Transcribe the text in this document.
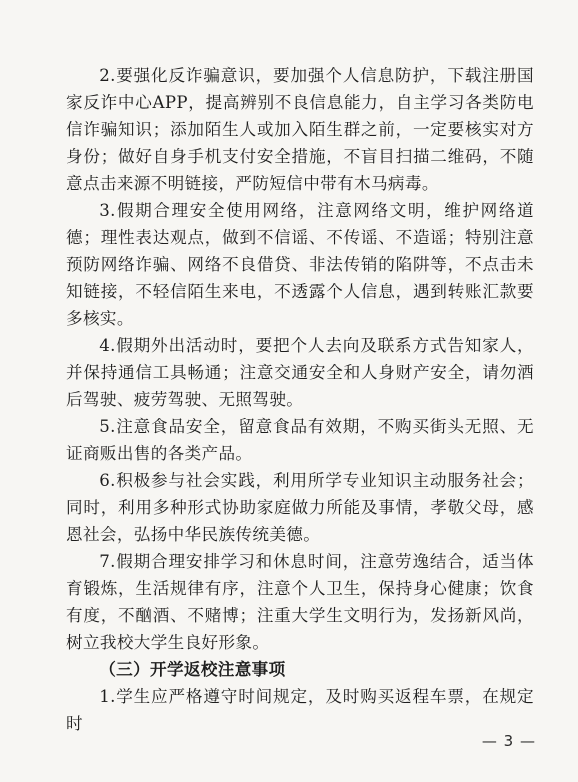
2.要强化反诈骗意识，要加强个人信息防护，下载注册国家反诈中心APP，提高辨别不良信息能力，自主学习各类防电信诈骗知识；添加陌生人或加入陌生群之前，一定要核实对方身份；做好自身手机支付安全措施，不盲目扫描二维码，不随意点击来源不明链接，严防短信中带有木马病毒。

3.假期合理安全使用网络，注意网络文明，维护网络道德；理性表达观点，做到不信谣、不传谣、不造谣；特别注意预防网络诈骗、网络不良借贷、非法传销的陷阱等，不点击未知链接，不轻信陌生来电，不透露个人信息，遇到转账汇款要多核实。

4.假期外出活动时，要把个人去向及联系方式告知家人，并保持通信工具畅通；注意交通安全和人身财产安全，请勿酒后驾驶、疲劳驾驶、无照驾驶。

5.注意食品安全，留意食品有效期，不购买街头无照、无证商贩出售的各类产品。

6.积极参与社会实践，利用所学专业知识主动服务社会；同时，利用多种形式协助家庭做力所能及事情，孝敬父母，感恩社会，弘扬中华民族传统美德。

7.假期合理安排学习和休息时间，注意劳逸结合，适当体育锻炼，生活规律有序，注意个人卫生，保持身心健康；饮食有度，不酗酒、不赌博；注重大学生文明行为，发扬新风尚，树立我校大学生良好形象。

（三）开学返校注意事项

1.学生应严格遵守时间规定，及时购买返程车票，在规定时

— 3 —
